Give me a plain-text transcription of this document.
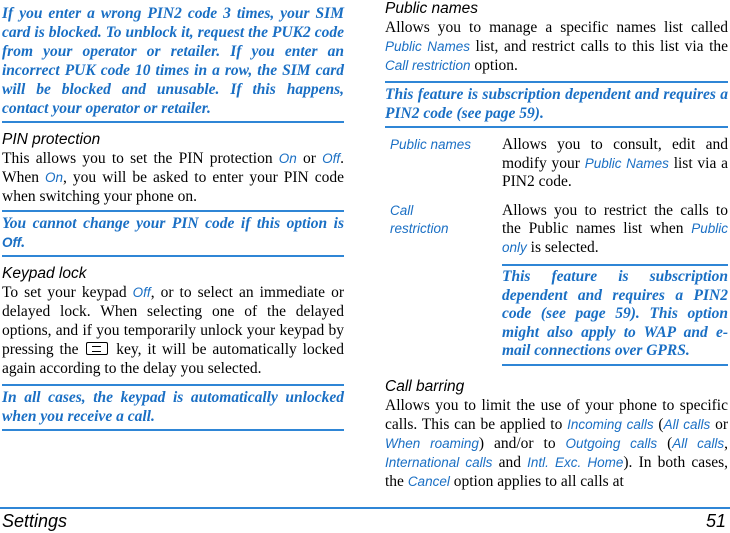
If you enter a wrong PIN2 code 3 times, your SIM card is blocked. To unblock it, request the PUK2 code from your operator or retailer. If you enter an incorrect PUK code 10 times in a row, the SIM card will be blocked and unusable. If this happens, contact your operator or retailer.
PIN protection

This allows you to set the PIN protection On or Off. When On, you will be asked to enter your PIN code when switching your phone on.

You cannot change your PIN code if this option is Off.
Keypad lock

To set your keypad Off, or to select an immediate or delayed lock. When selecting one of the delayed options, and if you temporarily unlock your keypad by pressing the  key, it will be automatically locked again according to the delay you selected.

In all cases, the keypad is automatically unlocked when you receive a call.
Public names

Allows you to manage a specific names list called Public Names list, and restrict calls to this list via the Call restriction option.

This feature is subscription dependent and requires a PIN2 code (see page 59).
Public names	Allows you to consult, edit and modify your Public Names list via a PIN2 code.

Call restriction	Allows you to restrict the calls to the Public names list when Public only is selected.

This feature is subscription dependent and requires a PIN2 code (see page 59). This option might also apply to WAP and e-mail connections over GPRS.
Call barring

Allows you to limit the use of your phone to specific calls. This can be applied to Incoming calls (All calls or When roaming) and/or to Outgoing calls (All calls, International calls and Intl. Exc. Home). In both cases, the Cancel option applies to all calls at

Settings	51
